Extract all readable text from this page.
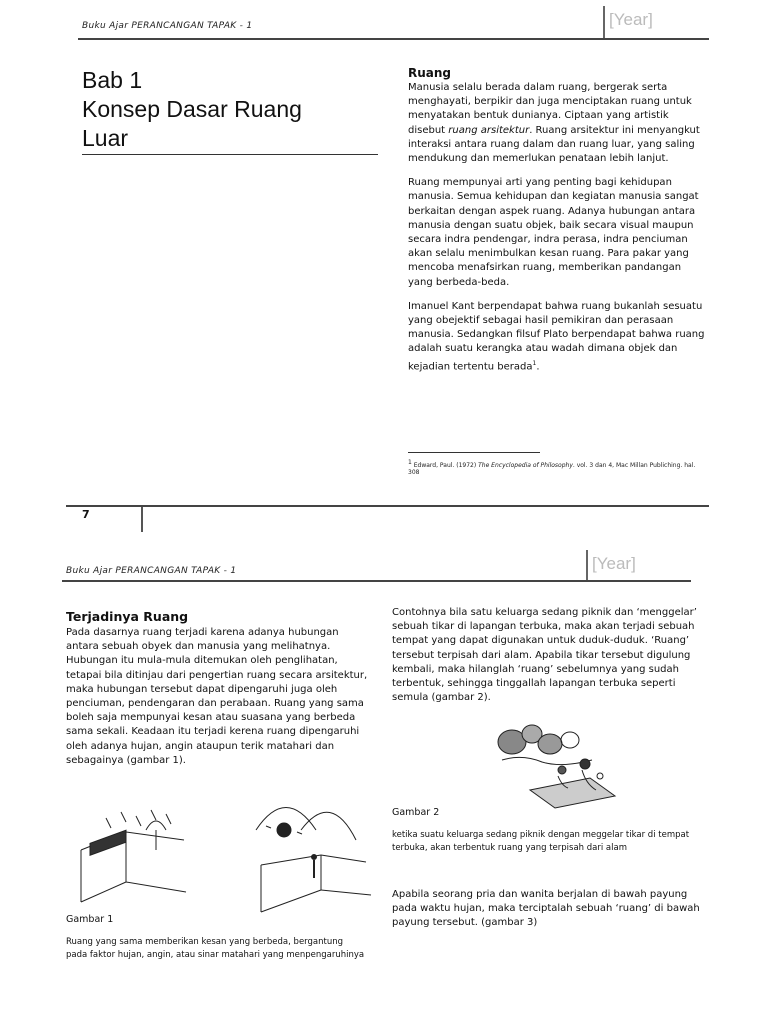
Buku Ajar PERANCANGAN TAPAK - 1	[Year]
Bab 1
Konsep Dasar Ruang
Luar
Ruang

Manusia selalu berada dalam ruang, bergerak serta menghayati, berpikir dan juga menciptakan ruang untuk menyatakan bentuk dunianya. Ciptaan yang artistik disebut ruang arsitektur. Ruang arsitektur ini menyangkut interaksi antara ruang dalam dan ruang luar, yang saling mendukung dan memerlukan penataan lebih lanjut.

Ruang mempunyai arti yang penting bagi kehidupan manusia. Semua kehidupan dan kegiatan manusia sangat berkaitan dengan aspek ruang. Adanya hubungan antara manusia dengan suatu objek, baik secara visual maupun secara indra pendengar, indra perasa, indra penciuman akan selalu menimbulkan kesan ruang. Para pakar yang mencoba menafsirkan ruang, memberikan pandangan yang berbeda-beda.

Imanuel Kant berpendapat bahwa ruang bukanlah sesuatu yang obejektif sebagai hasil pemikiran dan perasaan manusia. Sedangkan filsuf Plato berpendapat bahwa ruang adalah suatu kerangka atau wadah dimana objek dan kejadian tertentu berada$^1$.

$^1$ Edward, Paul. (1972) The Encyclopedia of Philosophy. vol. 3 dan 4, Mac Millan Publiching. hal. 308
7
Buku Ajar PERANCANGAN TAPAK - 1	[Year]
Terjadinya Ruang
Pada dasarnya ruang terjadi karena adanya hubungan antara sebuah obyek dan manusia yang melihatnya. Hubungan itu mula-mula ditemukan oleh penglihatan, tetapai bila ditinjau dari pengertian ruang secara arsitektur, maka hubungan tersebut dapat dipengaruhi juga oleh penciuman, pendengaran dan perabaan. Ruang yang sama boleh saja mempunyai kesan atau suasana yang berbeda sama sekali. Keadaan itu terjadi kerena ruang dipengaruhi oleh adanya hujan, angin ataupun terik matahari dan sebagainya (gambar 1).
Gambar 1
Ruang yang sama memberikan kesan yang berbeda, bergantung pada faktor hujan, angin, atau sinar matahari yang menpengaruhinya
Contohnya bila satu keluarga sedang piknik dan ‘menggelar’ sebuah tikar di lapangan terbuka, maka akan terjadi sebuah tempat yang dapat digunakan untuk duduk-duduk. ‘Ruang’ tersebut terpisah dari alam. Apabila tikar tersebut digulung kembali, maka hilanglah ‘ruang’ sebelumnya yang sudah terbentuk, sehingga tinggallah lapangan terbuka seperti semula (gambar 2).
Gambar 2
ketika suatu keluarga sedang piknik dengan meggelar tikar di tempat terbuka, akan terbentuk ruang yang terpisah dari alam
Apabila seorang pria dan wanita berjalan di bawah payung pada waktu hujan, maka terciptalah sebuah ‘ruang’ di bawah payung tersebut. (gambar 3)
